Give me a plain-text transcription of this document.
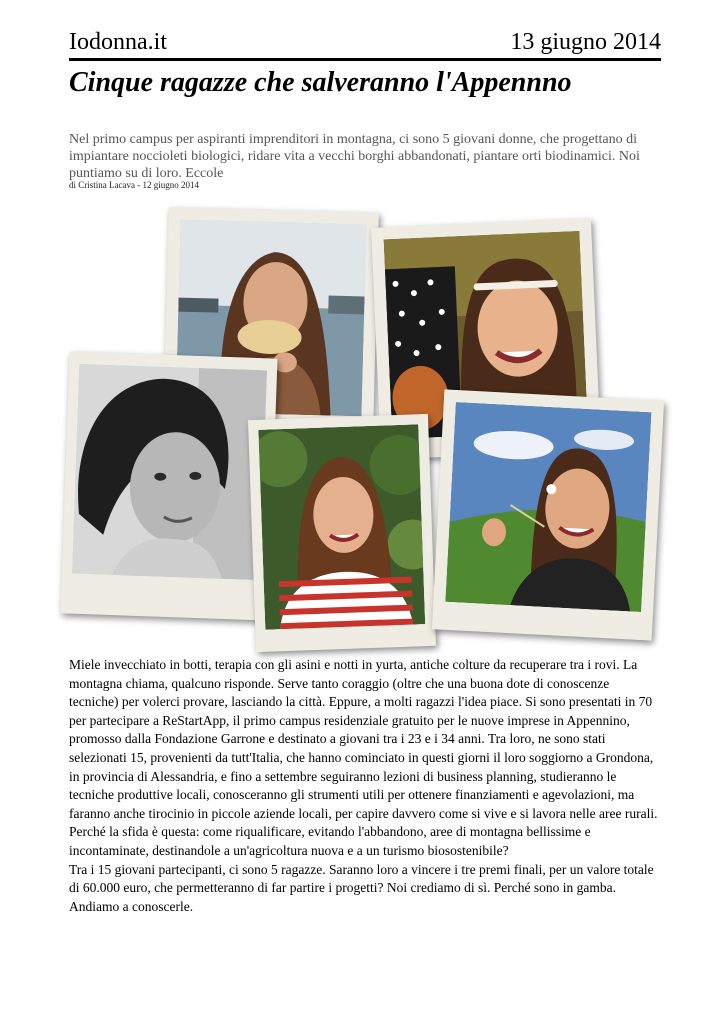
Iodonna.it	13 giugno 2014
Cinque ragazze che salveranno l'Appennno
Nel primo campus per aspiranti imprenditori in montagna, ci sono 5 giovani donne, che progettano di impiantare noccioleti biologici, ridare vita a vecchi borghi abbandonati, piantare orti biodinamici. Noi puntiamo su di loro. Eccole
di Cristina Lacava - 12 giugno 2014

Miele invecchiato in botti, terapia con gli asini e notti in yurta, antiche colture da recuperare tra i rovi. La montagna chiama, qualcuno risponde. Serve tanto coraggio (oltre che una buona dote di conoscenze tecniche) per volerci provare, lasciando la città. Eppure, a molti ragazzi l'idea piace. Si sono presentati in 70 per partecipare a ReStartApp, il primo campus residenziale gratuito per le nuove imprese in Appennino, promosso dalla Fondazione Garrone e destinato a giovani tra i 23 e i 34 anni. Tra loro, ne sono stati selezionati 15, provenienti da tutt'Italia, che hanno cominciato in questi giorni il loro soggiorno a Grondona, in provincia di Alessandria, e fino a settembre seguiranno lezioni di business planning, studieranno le tecniche produttive locali, conosceranno gli strumenti utili per ottenere finanziamenti e agevolazioni, ma faranno anche tirocinio in piccole aziende locali, per capire davvero come si vive e si lavora nelle aree rurali. Perché la sfida è questa: come riqualificare, evitando l'abbandono, aree di montagna bellissime e incontaminate, destinandole a un'agricoltura nuova e a un turismo biosostenibile?

Tra i 15 giovani partecipanti, ci sono 5 ragazze. Saranno loro a vincere i tre premi finali, per un valore totale di 60.000 euro, che permetteranno di far partire i progetti? Noi crediamo di sì. Perché sono in gamba. Andiamo a conoscerle.
